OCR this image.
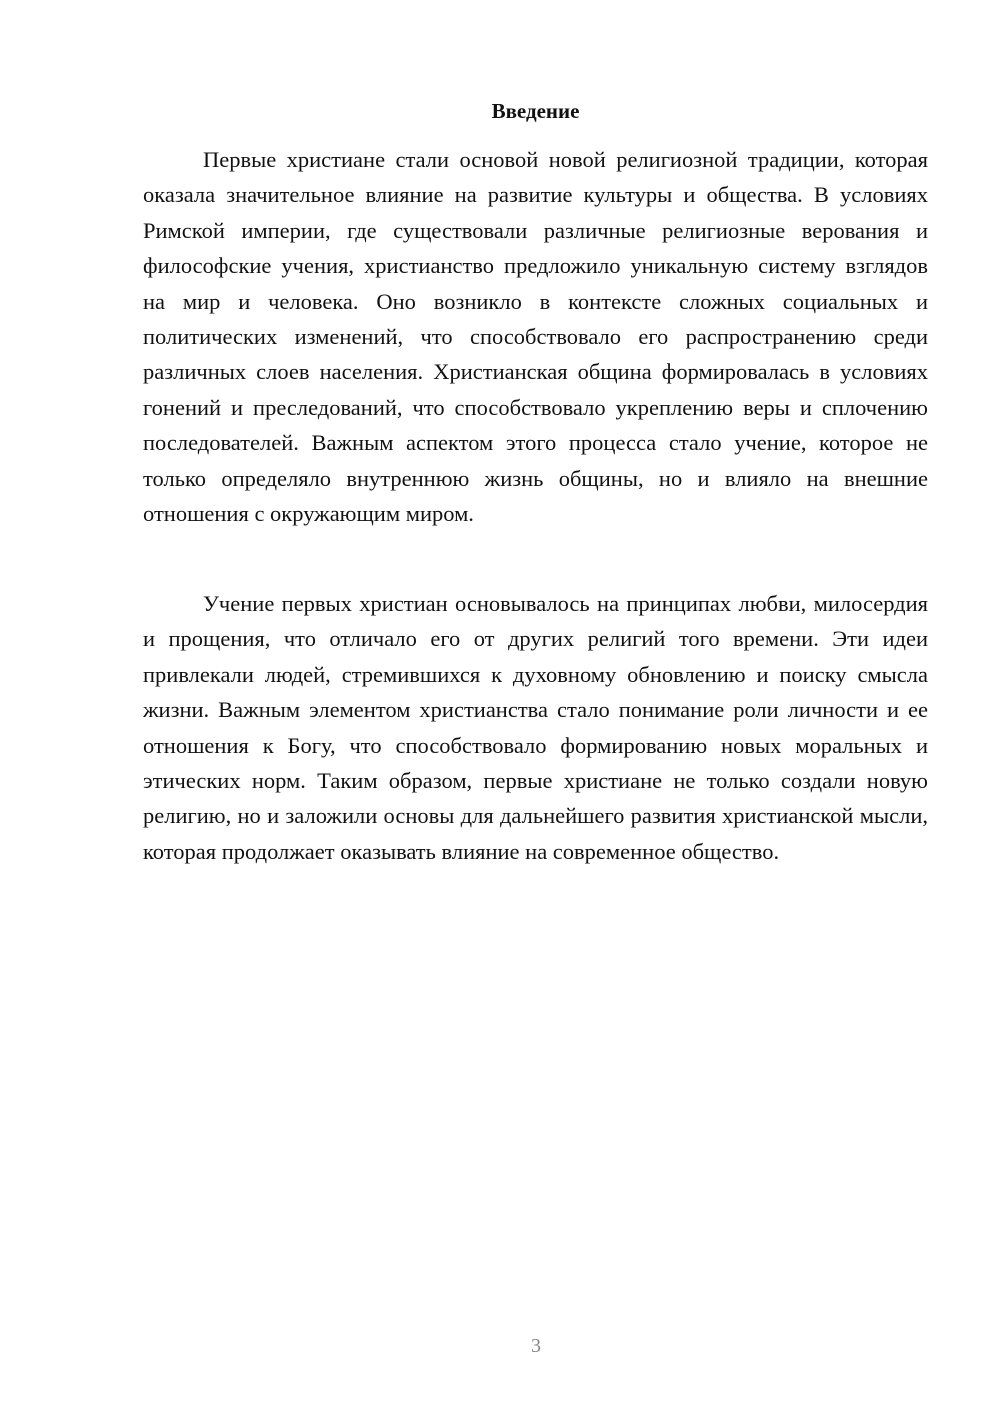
Введение

Первые христиане стали основой новой религиозной традиции, которая оказала значительное влияние на развитие культуры и общества. В условиях Римской империи, где существовали различные религиозные верования и философские учения, христианство предложило уникальную систему взглядов на мир и человека. Оно возникло в контексте сложных социальных и политических изменений, что способствовало его распространению среди различных слоев населения. Христианская община формировалась в условиях гонений и преследований, что способствовало укреплению веры и сплочению последователей. Важным аспектом этого процесса стало учение, которое не только определяло внутреннюю жизнь общины, но и влияло на внешние отношения с окружающим миром.

Учение первых христиан основывалось на принципах любви, милосердия и прощения, что отличало его от других религий того времени. Эти идеи привлекали людей, стремившихся к духовному обновлению и поиску смысла жизни. Важным элементом христианства стало понимание роли личности и ее отношения к Богу, что способствовало формированию новых моральных и этических норм. Таким образом, первые христиане не только создали новую религию, но и заложили основы для дальнейшего развития христианской мысли, которая продолжает оказывать влияние на современное общество.

3
